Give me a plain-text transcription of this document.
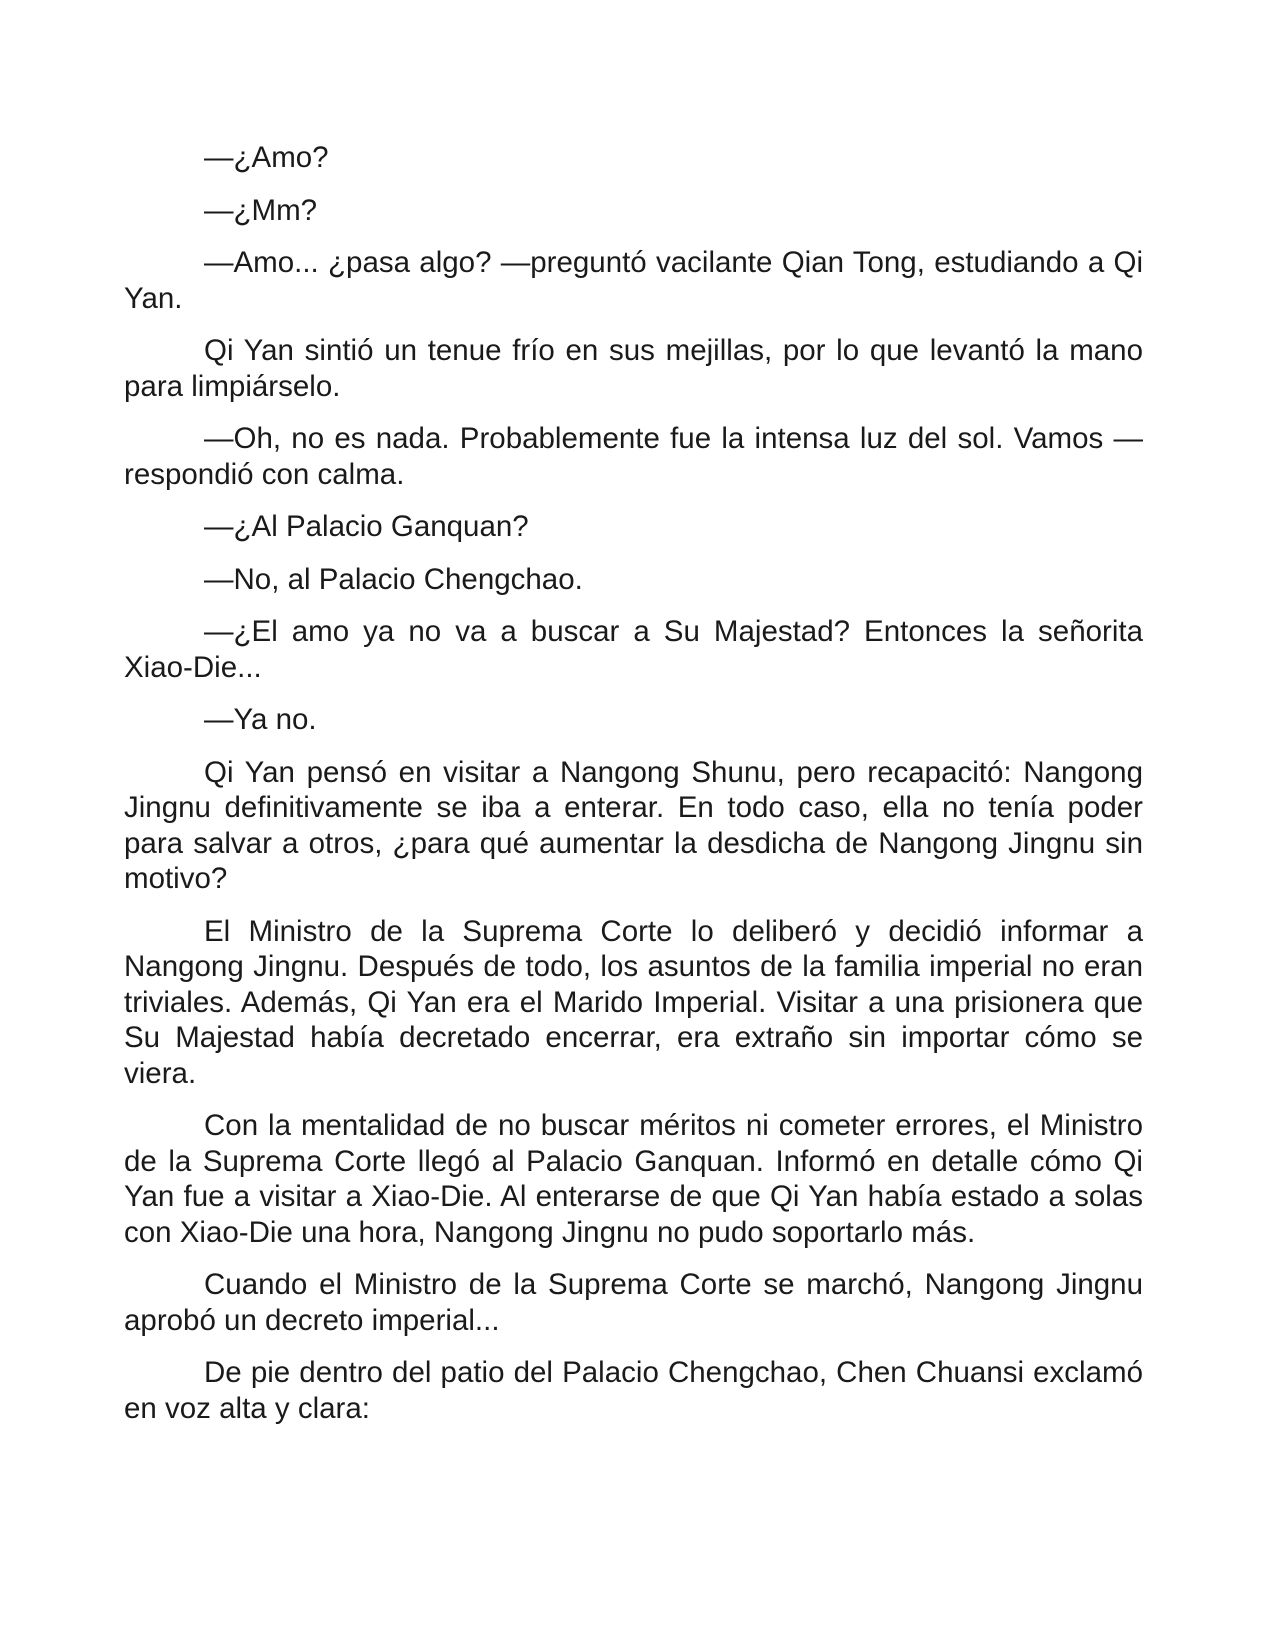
—¿Amo?

—¿Mm?

—Amo... ¿pasa algo? —preguntó vacilante Qian Tong, estudiando a Qi Yan.

Qi Yan sintió un tenue frío en sus mejillas, por lo que levantó la mano para limpiárselo.

—Oh, no es nada. Probablemente fue la intensa luz del sol. Vamos —respondió con calma.

—¿Al Palacio Ganquan?

—No, al Palacio Chengchao.

—¿El amo ya no va a buscar a Su Majestad? Entonces la señorita Xiao-Die...

—Ya no.

Qi Yan pensó en visitar a Nangong Shunu, pero recapacitó: Nangong Jingnu definitivamente se iba a enterar. En todo caso, ella no tenía poder para salvar a otros, ¿para qué aumentar la desdicha de Nangong Jingnu sin motivo?

El Ministro de la Suprema Corte lo deliberó y decidió informar a Nangong Jingnu. Después de todo, los asuntos de la familia imperial no eran triviales. Además, Qi Yan era el Marido Imperial. Visitar a una prisionera que Su Majestad había decretado encerrar, era extraño sin importar cómo se viera.

Con la mentalidad de no buscar méritos ni cometer errores, el Ministro de la Suprema Corte llegó al Palacio Ganquan. Informó en detalle cómo Qi Yan fue a visitar a Xiao-Die. Al enterarse de que Qi Yan había estado a solas con Xiao-Die una hora, Nangong Jingnu no pudo soportarlo más.

Cuando el Ministro de la Suprema Corte se marchó, Nangong Jingnu aprobó un decreto imperial...

De pie dentro del patio del Palacio Chengchao, Chen Chuansi exclamó en voz alta y clara:
